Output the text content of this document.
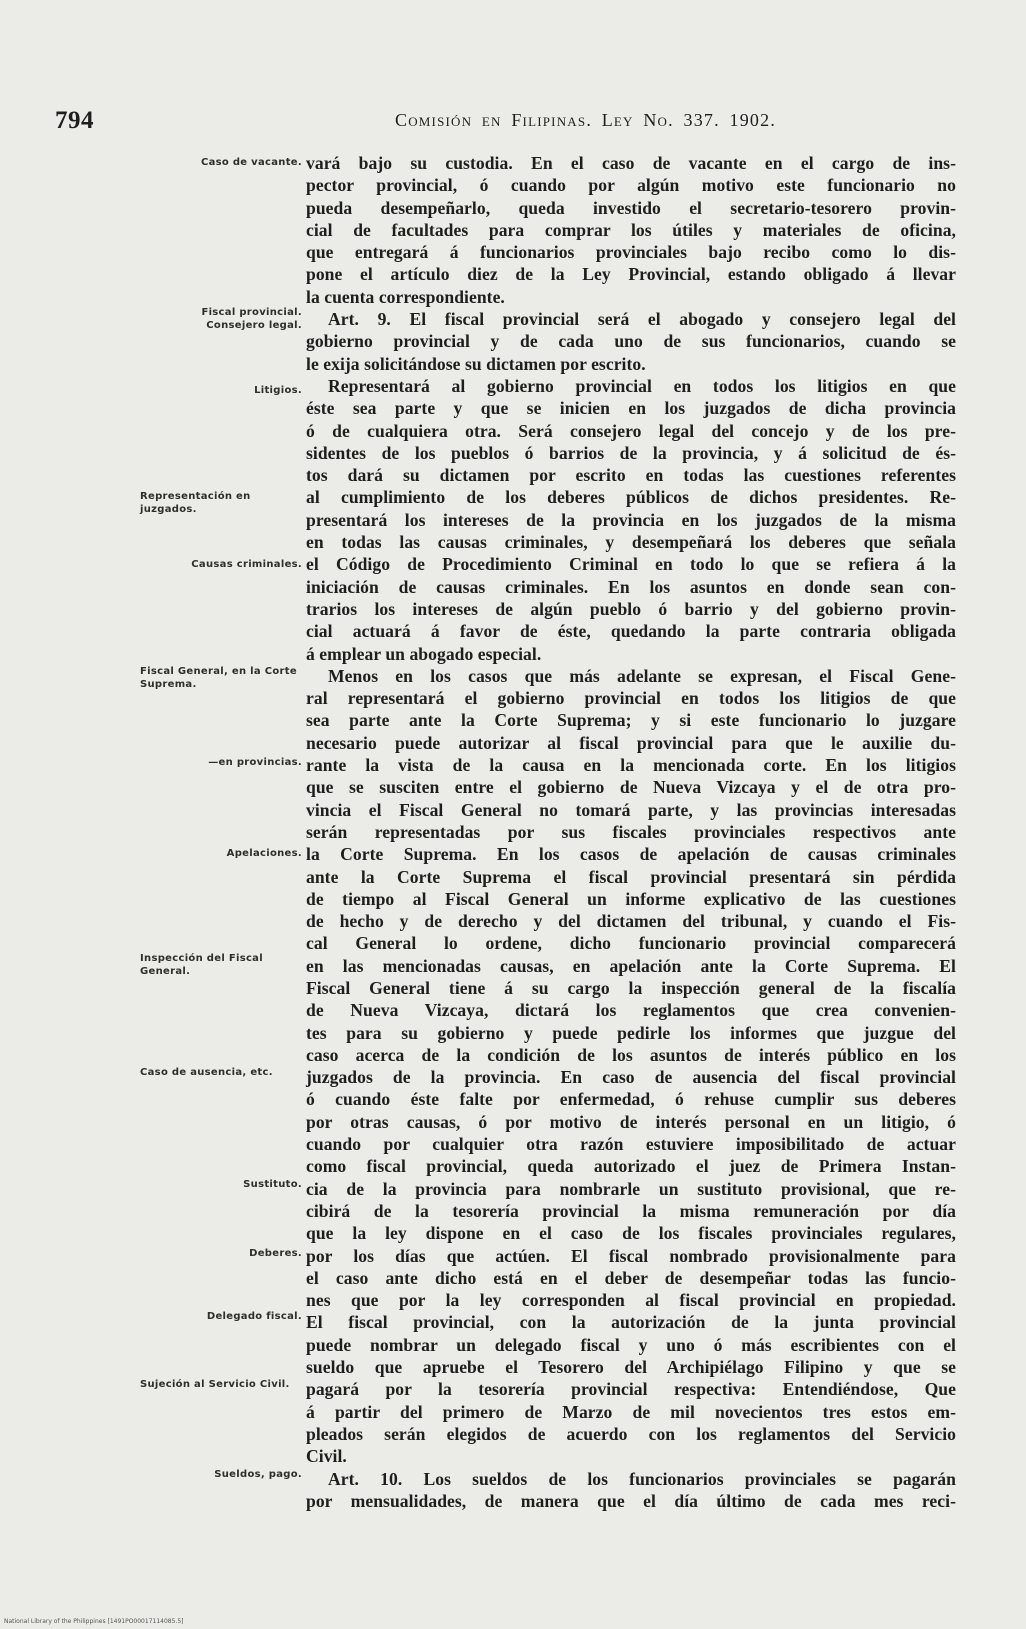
794	Comisión en Filipinas. Ley No. 337. 1902.
Caso de vacante.
Fiscal provincial. Consejero legal.
Litigios.
Representación en juzgados.
Causas criminales.
Fiscal General, en la Corte Suprema.
—en provincias.
Apelaciones.
Inspección del Fiscal General.
Caso de ausencia, etc.
Sustituto.
Deberes.
Delegado fiscal.
Sujeción al Servicio Civil.
Sueldos, pago.
vará bajo su custodia. En el caso de vacante en el cargo de ins-
pector provincial, ó cuando por algún motivo este funcionario no
pueda desempeñarlo, queda investido el secretario-tesorero provin-
cial de facultades para comprar los útiles y materiales de oficina,
que entregará á funcionarios provinciales bajo recibo como lo dis-
pone el artículo diez de la Ley Provincial, estando obligado á llevar
la cuenta correspondiente.
Art. 9. El fiscal provincial será el abogado y consejero legal del
gobierno provincial y de cada uno de sus funcionarios, cuando se
le exija solicitándose su dictamen por escrito.
Representará al gobierno provincial en todos los litigios en que
éste sea parte y que se inicien en los juzgados de dicha provincia
ó de cualquiera otra. Será consejero legal del concejo y de los pre-
sidentes de los pueblos ó barrios de la provincia, y á solicitud de és-
tos dará su dictamen por escrito en todas las cuestiones referentes
al cumplimiento de los deberes públicos de dichos presidentes. Re-
presentará los intereses de la provincia en los juzgados de la misma
en todas las causas criminales, y desempeñará los deberes que señala
el Código de Procedimiento Criminal en todo lo que se refiera á la
iniciación de causas criminales. En los asuntos en donde sean con-
trarios los intereses de algún pueblo ó barrio y del gobierno provin-
cial actuará á favor de éste, quedando la parte contraria obligada
á emplear un abogado especial.
Menos en los casos que más adelante se expresan, el Fiscal Gene-
ral representará el gobierno provincial en todos los litigios de que
sea parte ante la Corte Suprema; y si este funcionario lo juzgare
necesario puede autorizar al fiscal provincial para que le auxilie du-
rante la vista de la causa en la mencionada corte. En los litigios
que se susciten entre el gobierno de Nueva Vizcaya y el de otra pro-
vincia el Fiscal General no tomará parte, y las provincias interesadas
serán representadas por sus fiscales provinciales respectivos ante
la Corte Suprema. En los casos de apelación de causas criminales
ante la Corte Suprema el fiscal provincial presentará sin pérdida
de tiempo al Fiscal General un informe explicativo de las cuestiones
de hecho y de derecho y del dictamen del tribunal, y cuando el Fis-
cal General lo ordene, dicho funcionario provincial comparecerá
en las mencionadas causas, en apelación ante la Corte Suprema. El
Fiscal General tiene á su cargo la inspección general de la fiscalía
de Nueva Vizcaya, dictará los reglamentos que crea convenien-
tes para su gobierno y puede pedirle los informes que juzgue del
caso acerca de la condición de los asuntos de interés público en los
juzgados de la provincia. En caso de ausencia del fiscal provincial
ó cuando éste falte por enfermedad, ó rehuse cumplir sus deberes
por otras causas, ó por motivo de interés personal en un litigio, ó
cuando por cualquier otra razón estuviere imposibilitado de actuar
como fiscal provincial, queda autorizado el juez de Primera Instan-
cia de la provincia para nombrarle un sustituto provisional, que re-
cibirá de la tesorería provincial la misma remuneración por día
que la ley dispone en el caso de los fiscales provinciales regulares,
por los días que actúen. El fiscal nombrado provisionalmente para
el caso ante dicho está en el deber de desempeñar todas las funcio-
nes que por la ley corresponden al fiscal provincial en propiedad.
El fiscal provincial, con la autorización de la junta provincial
puede nombrar un delegado fiscal y uno ó más escribientes con el
sueldo que apruebe el Tesorero del Archipiélago Filipino y que se
pagará por la tesorería provincial respectiva: Entendiéndose, Que
á partir del primero de Marzo de mil novecientos tres estos em-
pleados serán elegidos de acuerdo con los reglamentos del Servicio
Civil.
Art. 10. Los sueldos de los funcionarios provinciales se pagarán
por mensualidades, de manera que el día último de cada mes reci-
National Library of the Philippines [1491PO00017114085.5]
